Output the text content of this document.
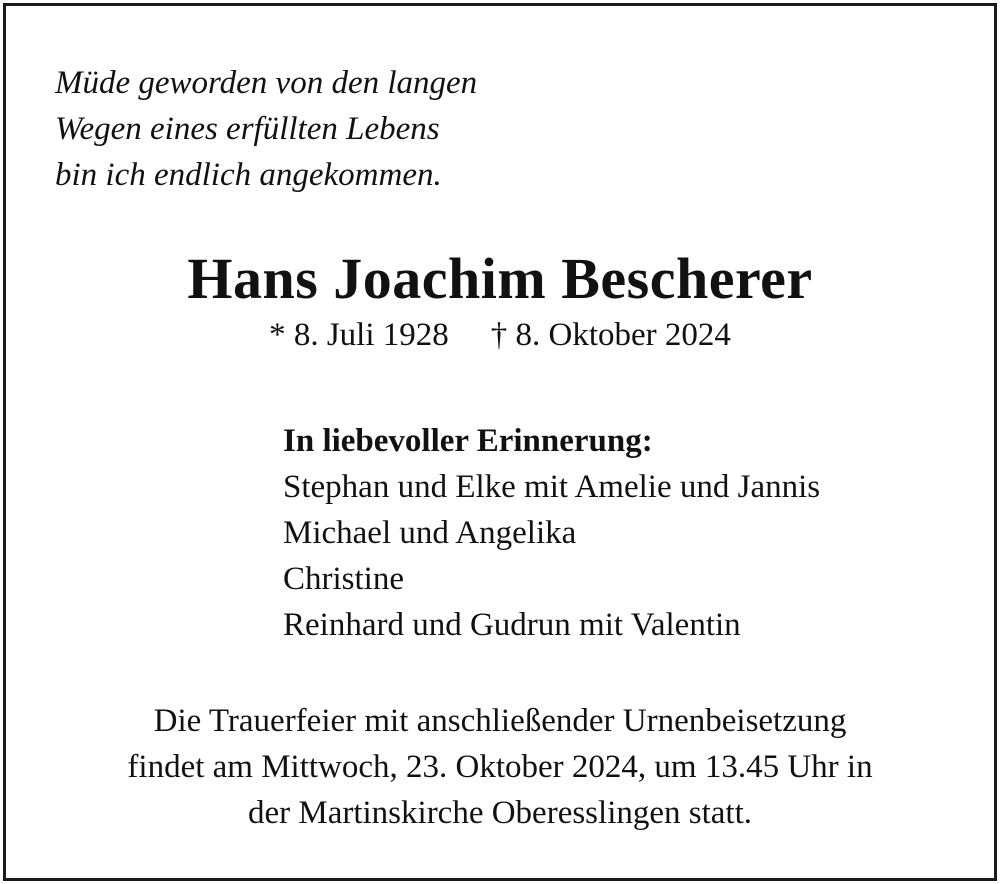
Müde geworden von den langen
Wegen eines erfüllten Lebens
bin ich endlich angekommen.
Hans Joachim Bescherer
* 8. Juli 1928 † 8. Oktober 2024
In liebevoller Erinnerung:
Stephan und Elke mit Amelie und Jannis
Michael und Angelika
Christine
Reinhard und Gudrun mit Valentin
Die Trauerfeier mit anschließender Urnenbeisetzung
findet am Mittwoch, 23. Oktober 2024, um 13.45 Uhr in
der Martinskirche Oberesslingen statt.
